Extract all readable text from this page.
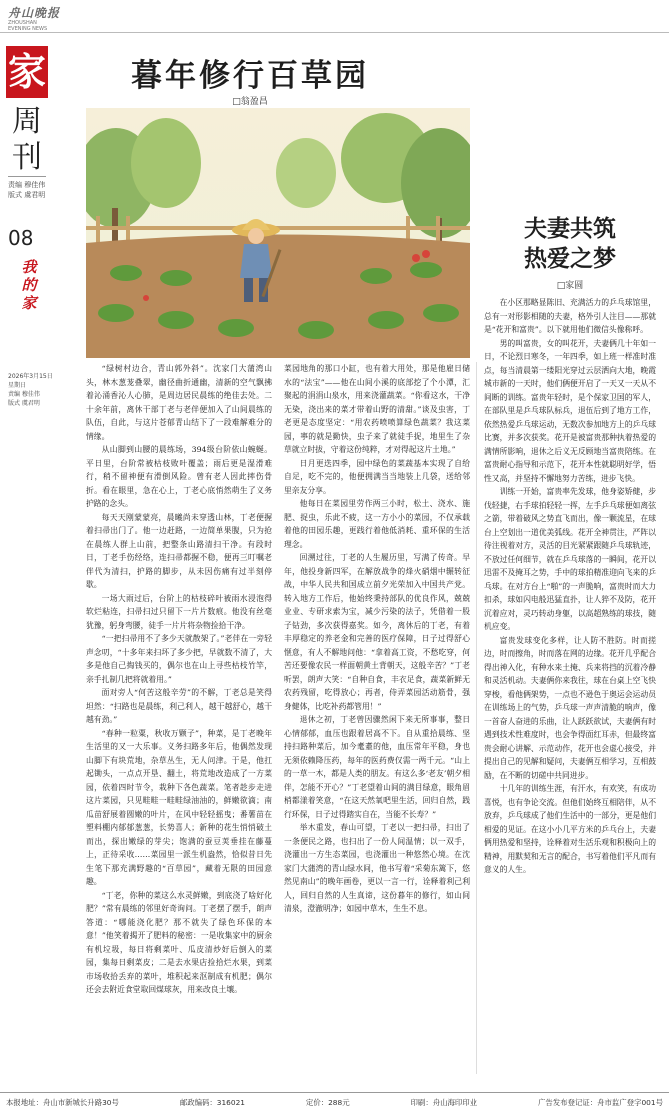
舟山晚报
ZHOUSHAN
EVENING NEWS
家
周
刊
责编 穆佳伟
版式 虞君明
08
我
的
家
2026年3月15日
星期日
责编 穆佳伟
版式 虞君明
暮年修行百草园
□翁盈昌

“绿树村边合，青山郭外斜”。沈家门大蒲湾山头，林木葱茏叠翠，幽径曲折通幽，清新的空气飘拂着沁涌香沁人心肺，是周边居民晨练的绝佳去处。二十余年前，离休干部丁老与老伴便加入了山间晨练的队伍，自此，与这片苍郁青山结下了一段难解难分的情缘。

从山脚到山腰的晨练场，394级台阶依山蜿蜒。平日里，台阶常被枯枝败叶覆盖；雨后更是湿滑难行，稍不留神便有滑倒风险。曾有老人因此摔伤骨折。看在眼里，急在心上，丁老心底悄然萌生了义务护路的念头。

每天天刚蒙蒙亮，晨曦尚未穿透山林，丁老便握着扫帚出门了。他一边赶路，一边简单果腹，只为抢在晨练人群上山前，把整条山路清扫干净。有段时日，丁老手伤经络，连扫帚都握不稳，便再三叮嘱老伴代为清扫，护路的脚步，从未因伤痛有过半刻停歇。

一场大雨过后，台阶上的枯枝碎叶被雨水浸泡得软烂粘连，扫帚扫过只留下一片片数痕。他没有丝毫犹豫，躬身弯腰，徒手一片片将杂物捡拾干净。

“一把扫帚用不了多少天就散架了。”老伴在一旁轻声念叨，“十多年来扫坏了多少把，早就数不清了，大多是他自己掏钱买的，偶尔也在山上寻些枯枝竹竿，亲手扎制几把将就着用。”

面对旁人“何苦这般辛劳”的不解，丁老总是笑得坦然：“扫路也是晨练，利己利人，越干越舒心，越干越有劲。”

“春种一粒粟，秋收万颗子”，种菜，是丁老晚年生活里的又一大乐事。义务扫路多年后，他偶然发现山脚下有块荒地，杂草丛生，无人问津。于是，他扛起锄头，一点点开垦、翻土，将荒地改造成了一方菜园，依着四时节令，栽种下各色蔬菜。笔者趁步走进这片菜园，只见畦畦一畦畦绿油油的，鲜嫩欲滴；南瓜苗舒展着圆嫩的叶片，在风中轻轻摇曳；番薯苗在塑料棚内郁郁葱葱，长势喜人；新种的花生悄悄破土而出，探出嫩绿的芽尖；饱满的蚕豆荚垂挂在藤蔓上，正待采收……菜园里一派生机盎然，恰似昔日先生笔下那充满野趣的“百草园”，藏着无限的田园意趣。

“丁老，你种的菜这么水灵鲜嫩，到底浇了啥好化肥？”常有晨练的邻里好奇询问。丁老摆了摆手，朗声答道：“哪能浇化肥？那不就失了绿色环保的本意！”他笑着揭开了肥料的秘密：一是收集家中的厨余有机垃圾，每日将剩菜叶、瓜皮清炒好后倒入的菜园，集每日剩菜皮；二是去水果店捡拾烂水果，到菜市场收拾丢弃的菜叶，堆积起来沤制成有机肥；偶尔还会去附近食堂取回煤球灰，用来改良土壤。

菜园地角的那口小缸，也有着大用处，那是他雇日储水的“法宝”——他在山间小溪的底部挖了个小潭，汇聚起的涓涓山泉水，用来浇灌蔬菜。“你看这水，干净无染，浇出来的菜才带着山野的清甜。”谈及虫害，丁老更是态度坚定：“用农药喷喷算绿色蔬菜？我这菜园，寧的就是勤快，虫子来了就徒手捉，地里生了杂草就立时拔，守着这份纯粹，才对得起这片土地。”

日月更迭四季，园中绿色的菜蔬基本实现了自给自足，吃不完的，他便拥满当当地装上几袋，送给邻里亲友分享。

他每日在菜园里劳作两三小时，松土、浇水、施肥、捉虫，乐此不疲，这一方小小的菜园，不仅承载着他的田园乐趣，更践行着他低消耗、重环保的生活理念。

回溯过往，丁老的人生履历里，写满了传奇。早年，他投身新四军，在解放战争的烽火硝烟中辗转征战，中华人民共和国成立前夕光荣加入中国共产党。转入地方工作后，他始终秉持部队的优良作风，兢兢业业、专研求索为宝，减少污染的法子，凭借着一股子钻劲，多次获得嘉奖。如今，离休后的丁老，有着丰厚稳定的养老金和完善的医疗保障，日子过得舒心惬意，有人不解地问他：“拿着高工资，不愁吃穿，何苦还要像农民一样面朝黄土背朝天，这般辛苦？”丁老听罢，朗声大笑：“自种自食，丰衣足食，蔬菜新鲜无农药残留，吃得放心；再者，侍弄菜园活动筋骨，强身健体，比吃补药都管用！”

退休之初，丁老曾因骤然闲下来无所事事，整日心情郁郁，血压也跟着居高不下。自从重拾晨练、坚持扫路种菜后，加今耄耋的他，血压常年平稳，身也无须依赖降压药，每年的医药费仅需一两千元。“山上的一草一木，都是人类的朋友。有这么多‘老友’朝夕相伴，怎能不开心？”丁老望着山间的满目绿意，眼角眉梢都漾着笑意，“在这天然氧吧里生活，回归自然，践行环保，日子过得踏实自在，当能不长寿？”

举木重发，春山可望，丁老以一把扫帚，扫出了一条便民之路，也扫出了一份人间温情；以一双手，浇灌出一方生态菜园，也浇灌出一种悠然心境。在沈家门大蒲湾的青山绿水间，他书写着“采菊东篱下，悠然见南山”的晚年画卷，更以一言一行，诠释着利己利人，回归自然的人生真谛，这份暮年的修行，如山间清泉，澄澈明净；如园中草木，生生不息。

夫妻共筑
热爱之梦
□家圆

在小区那略显陈旧、充满活力的乒乓球馆里，总有一对形影相随的夫妻，格外引人注目——那就是“花开和富贵”。以下就用他们微信头像称呼。

男的叫富贵，女的叫花开，夫妻俩几十年如一日，不论烈日寒冬，一年四季，如上班一样准时准点，每当清晨第一缕阳光穿过云层洒向大地，晚霞城市新的一天时，他们俩便开启了一天又一天从不间断的训练。富贵年轻时，是个保家卫国的军人，在部队里是乒乓球队标兵，退伍后到了地方工作，依然热爱乒乓球运动，无数次参加地方上的乒乓球比赛，并多次获奖。花开是被富贵那种执着热爱的满情所影响，退休之后义无反顾地当富贵陪练。在富贵耐心指导和示范下，花开本性就聪明好学，悟性又高，并坚持不懈地努力苦练，进步飞快。

训练一开始，富贵率先发球，他身姿矫健，步伐轻捷，右手球拍轻轻一挥，左手乒乓球便如离弦之箭，带着破风之势直飞而出，像一颗流星，在球台上空划出一道优美弧线。花开全神贯注，严阵以待注视着对方，灵活的目光紧紧跟随乒乓球轨迹，不放过任何细节，就在乒乓球落的一瞬间，花开以迅雷不及掩耳之势，手中的球拍精准迎向飞来的乒乓球。在对方台上“啪”的一声脆响，富贵时而大力扣杀，球如闪电般迅猛直扑，让人猝不及防，花开沉着应对，灵巧转动身躯，以高超熟练的球技，随机应变。

富贵发球变化多样，让人防不胜防。时而搓边，时而擦角，时而落在网的边缘。花开几乎配合得出神入化，有种水来土掩、兵来将挡的沉着冷静和灵活机动。夫妻俩你来我往，球在台桌上空飞快穿梭，看他俩架势，一点也不逊色于奥运会运动员在训练场上的气势，乒乓球一声声清脆的响声，像一首奋人奋进的乐曲，让人跃跃欲试，夫妻俩有时遇到技术性难度时，也会争得面红耳赤，但最终富贵会耐心讲解、示范动作，花开也会虚心接受，并提出自己的见解和疑问，夫妻俩互相学习，互相鼓励，在不断的切磋中共同进步。

十几年的训练生涯，有汗水，有欢笑，有成功喜悦，也有争论交流。但他们始终互相陪伴，从不放弃，乒乓球成了他们生活中的一部分，更是他们相爱的见证。在这小小几平方米的乒乓台上，夫妻俩用热爱和坚持，诠释着对生活乐观和积极向上的精神，用默契和无言的配合，书写着他们平凡而有意义的人生。

本报地址：舟山市新城长升路30号	邮政编码：316021	定价：288元	印刷：舟山海印印业	广告发布登记证：舟市监广登字001号
